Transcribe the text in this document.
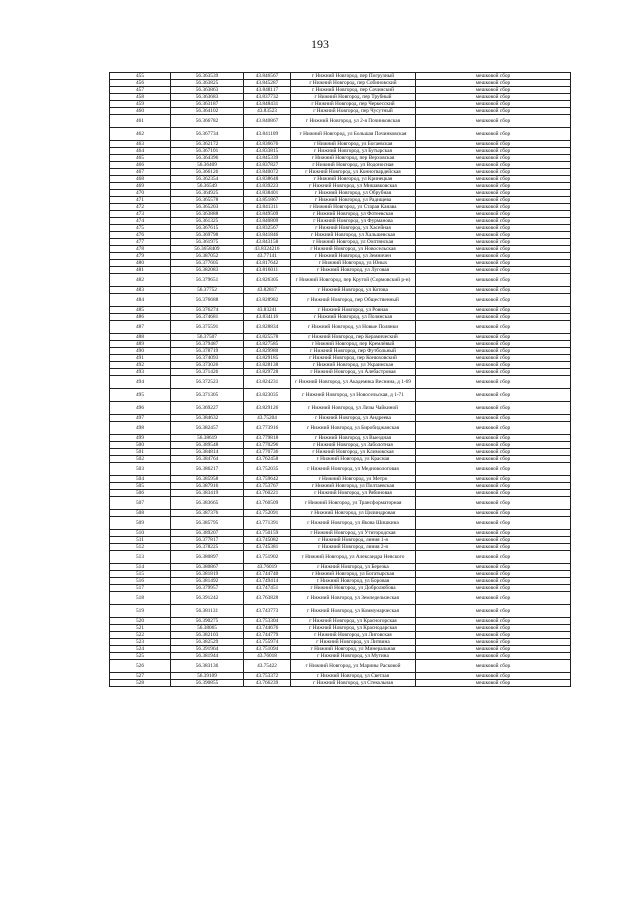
193
455	56.363539	43.846567	г Нижний Новгород, пер Погрузный	мешковой сбор
456	56.363825	43.845287	г Нижний Новгород, пер Собиновский	мешковой сбор
457	56.363863	43.848117	г Нижний Новгород, пер Сочинский	мешковой сбор
458	56.363683	43.837732	г Нижний Новгород, пер Трубный	мешковой сбор
459	56.363187	43.848431	г Нижний Новгород, пер Черкесский	мешковой сбор
460	56.364102	43.83523	г Нижний Новгород, пер Чусутный	мешковой сбор
461	56.366782	43.840867	г Нижний Новгород, ул 2-я Починковская	мешковой сбор
462	56.367734	43.841109	г Нижний Новгород, ул Большая Починковская	мешковой сбор
463	56.362172	43.836676	г Нижний Новгород, ул Богаевская	мешковой сбор
464	56.367101	43.833815	г Нижний Новгород, ул Бутырская	мешковой сбор
465	56.364396	43.845339	г Нижний Новгород, пер Верховская	мешковой сбор
466	56.36409	43.837827	г Нижний Новгород, ул Водоносная	мешковой сбор
467	56.366126	43.840072	г Нижний Новгород, ул Конногвардейская	мешковой сбор
468	56.362354	43.838648	г Нижний Новгород, ул Кринецкая	мешковой сбор
469	56.36549	43.839223	г Нижний Новгород, ул Мишавковская	мешковой сбор
470	56.364925	43.838401	г Нижний Новгород, ул Обрубная	мешковой сбор
471	56.365578	43.851867	г Нижний Новгород, ул Радищева	мешковой сбор
472	56.365203	43.841311	г Нижний Новгород, ул Старая Канава	мешковой сбор
473	56.363888	43.849509	г Нижний Новгород, ул Фотеевская	мешковой сбор
474	56.361325	43.840809	г Нижний Новгород, ул Фурманова	мешковой сбор
475	56.367615	43.832567	г Нижний Новгород, ул Хасейная	мешковой сбор
476	56.369798	43.841846	г Нижний Новгород, ул Хальшевская	мешковой сбор
477	56.361975	43.843158	г Нижний Новгород, ул Ооптянская	мешковой сбор
478	56.3658409	43.8324216	г Нижний Новгород, ул Новосельская	мешковой сбор
479	56.387052	43.77141	г Нижний Новгород, ул Земничен	мешковой сбор
480	56.377605	43.817642	г Нижний Новгород, ул Юных	мешковой сбор
481	56.382083	43.816011	г Нижний Новгород, ул Луговая	мешковой сбор
482	56.379651	43.826305	г Нижний Новгород, пер Крутой (Сормовский р-н)	мешковой сбор
483	56.37752	43.82817	г Нижний Новгород, ул Котова	мешковой сбор
484	56.376688	43.828982	г Нижний Новгород, пер Общественный	мешковой сбор
485	56.376274	43.83241	г Нижний Новгород, ул Ровная	мешковой сбор
486	56.374681	43.834116	г Нижний Новгород, ул Полянская	мешковой сбор
487	56.375591	43.828834	г Нижний Новгород, ул Новые Полянки	мешковой сбор
488	56.37507	43.825578	г Нижний Новгород, пер Керамический	мешковой сбор
489	56.379487	43.827585	г Нижний Новгород, пер Кремлёвый	мешковой сбор
490	56.378719	43.829980	г Нижний Новгород, пер Футбольный	мешковой сбор
491	56.374093	43.829185	г Нижний Новгород, пер Конюховский	мешковой сбор
492	56.373026	43.828138	г Нижний Новгород, ул Украинская	мешковой сбор
493	56.371426	43.829728	г Нижний Новгород, ул Алебастровая	мешковой сбор
494	56.372523	43.824231	г Нижний Новгород, ул Академика Веснина, д 1-69	мешковой сбор
495	56.371305	43.823035	г Нижний Новгород, ул Новосельская, д 1-71	мешковой сбор
496	56.369227	43.829126	г Нижний Новгород, ул Лизы Чайкиной	мешковой сбор
497	56.384632	43.75204	г Нижний Новгород, ул Андреева	мешковой сбор
498	56.382457	43.773916	г Нижний Новгород, ул Биробиджанская	мешковой сбор
499	56.38619	43.779818	г Нижний Новгород, ул Выездная	мешковой сбор
500	56.389548	43.770296	г Нижний Новгород, ул Заболотная	мешковой сбор
501	56.384814	43.770736	г Нижний Новгород, ул Климовская	мешковой сбор
502	56.384764	43.762458	г Нижний Новгород, ул Красная	мешковой сбор
503	56.386217	43.752035	г Нижний Новгород, ул Медновологовая	мешковой сбор
504	56.385958	43.759642	г Нижний Новгород, ул Метро	мешковой сбор
505	56.387916	43.753767	г Нижний Новгород, ул Полтаевская	мешковой сбор
506	56.383419	43.760221	г Нижний Новгород, ул Рябиновая	мешковой сбор
507	56.383665	43.760509	г Нижний Новгород, ул Трансформаторная	мешковой сбор
508	56.387376	43.752091	г Нижний Новгород, ул Цилиндровая	мешковой сбор
509	56.385795	43.771391	г Нижний Новгород, ул Якова Шишкина	мешковой сбор
510	56.389207	43.750159	г Нижний Новгород, ул Утигородская	мешковой сбор
511	56.377817	43.745082	г Нижний Новгород, линия 1-я	мешковой сбор
512	56.378225	43.745381	г Нижний Новгород, линия 2-я	мешковой сбор
513	56.380897	43.751902	г Нижний Новгород, ул Александра Невского	мешковой сбор
514	56.380867	43.76019	г Нижний Новгород, ул Березка	мешковой сбор
515	56.381819	43.744740	г Нижний Новгород, ул Богатырская	мешковой сбор
516	56.381492	43.749414	г Нижний Новгород, ул Боровая	мешковой сбор
517	56.379957	43.747451	г Нижний Новгород, ул Добролюбова	мешковой сбор
518	56.391242	43.763828	г Нижний Новгород, ул Земледельческая	мешковой сбор
519	56.381131	43.743773	г Нижний Новгород, ул Коммунарческая	мешковой сбор
520	56.390275	43.753304	г Нижний Новгород, ул Красногорская	мешковой сбор
521	56.38065	43.744676	г Нижний Новгород, ул Краснодарская	мешковой сбор
522	56.382103	43.744779	г Нижний Новгород, ул Лиговская	мешковой сбор
523	56.382529	43.755974	г Нижний Новгород, ул Литвина	мешковой сбор
524	56.391964	43.751094	г Нижний Новгород, ул Минеральная	мешковой сбор
525	56.381944	43.76018	г Нижний Новгород, ул Мутина	мешковой сбор
526	56.383136	43.75422	г Нижний Новгород, ул Марины Расковой	мешковой сбор
527	56.39109	43.753372	г Нижний Новгород, ул Светлая	мешковой сбор
528	56.390855	43.766239	г Нижний Новгород, ул Стекольная	мешковой сбор
